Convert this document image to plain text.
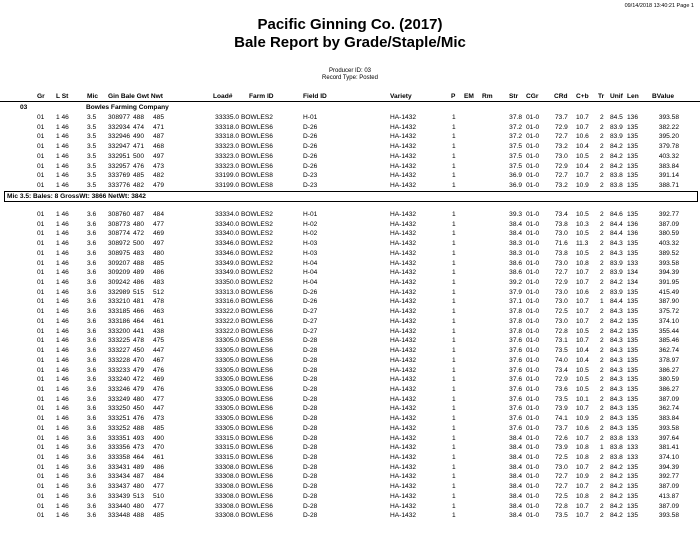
09/14/2018 13:40:21 Page 1
Pacific Ginning Co. (2017)
Bale Report by Grade/Staple/Mic
Producer ID: 03
Record Type: Posted
Gr L St	Mic Gin Bale Gwt Nwt	Load#	Farm ID	Field ID	Variety	P EM Rm Str CGr CRd C+b Tr Unif Len BValue
03	Bowles Farming Company
01 1 46	3.5 308977 488 485	33335.0 BOWLES2	H-01	HA-1432	1	37.8 01-0 73.7 10.7 2 84.5 136	393.58
01 1 46	3.5 332934 474 471	33318.0 BOWLES6	D-26	HA-1432	1	37.2 01-0 72.9 10.7 2 83.9 135	382.22
01 1 46	3.5 332946 490 487	33318.0 BOWLES6	D-26	HA-1432	1	37.2 01-0 72.7 10.6 2 83.9 135	395.20
01 1 46	3.5 332947 471 468	33323.0 BOWLES6	D-26	HA-1432	1	37.5 01-0 73.2 10.4 2 84.2 135	379.78
01 1 46	3.5 332951 500 497	33323.0 BOWLES6	D-26	HA-1432	1	37.5 01-0 73.0 10.5 2 84.2 135	403.32
01 1 46	3.5 332957 476 473	33323.0 BOWLES6	D-26	HA-1432	1	37.5 01-0 72.9 10.4 2 84.2 135	383.84
01 1 46	3.5 333769 485 482	33199.0 BOWLES8	D-23	HA-1432	1	36.9 01-0 72.7 10.7 2 83.8 135	391.14
01 1 46	3.5 333776 482 479	33199.0 BOWLES8	D-23	HA-1432	1	36.9 01-0 73.2 10.9 2 83.8 135	388.71
Mic 3.5: Bales: 8 GrossWt: 3866 NetWt: 3842
01 1 46	3.6 308760 487 484	33334.0 BOWLES2	H-01	HA-1432	1	39.3 01-0 73.4 10.5 2 84.6 135	392.77
01 1 46	3.6 308773 480 477	33340.0 BOWLES2	H-02	HA-1432	1	38.4 01-0 73.8 10.3 2 84.4 136	387.09
01 1 46	3.6 308774 472 469	33340.0 BOWLES2	H-02	HA-1432	1	38.4 01-0 73.0 10.5 2 84.4 136	380.59
01 1 46	3.6 308972 500 497	33346.0 BOWLES2	H-03	HA-1432	1	38.3 01-0 71.6 11.3 2 84.3 135	403.32
01 1 46	3.6 308975 483 480	33346.0 BOWLES2	H-03	HA-1432	1	38.3 01-0 73.8 10.5 2 84.3 135	389.52
01 1 46	3.6 309207 488 485	33349.0 BOWLES2	H-04	HA-1432	1	38.6 01-0 73.0 10.8 2 83.9 133	393.58
01 1 46	3.6 309209 489 486	33349.0 BOWLES2	H-04	HA-1432	1	38.6 01-0 72.7 10.7 2 83.9 134	394.39
01 1 46	3.6 309242 486 483	33350.0 BOWLES2	H-04	HA-1432	1	39.2 01-0 72.9 10.7 2 84.2 134	391.95
01 1 46	3.6 332989 515 512	33313.0 BOWLES6	D-26	HA-1432	1	37.9 01-0 73.0 10.6 2 83.9 135	415.49
01 1 46	3.6 333210 481 478	33316.0 BOWLES6	D-26	HA-1432	1	37.1 01-0 73.0 10.7 1 84.4 135	387.90
01 1 46	3.6 333185 466 463	33322.0 BOWLES6	D-27	HA-1432	1	37.8 01-0 72.5 10.7 2 84.3 135	375.72
01 1 46	3.6 333186 464 461	33322.0 BOWLES6	D-27	HA-1432	1	37.8 01-0 73.0 10.7 2 84.2 135	374.10
01 1 46	3.6 333200 441 438	33322.0 BOWLES6	D-27	HA-1432	1	37.8 01-0 72.8 10.5 2 84.2 135	355.44
01 1 46	3.6 333225 478 475	33305.0 BOWLES6	D-28	HA-1432	1	37.6 01-0 73.1 10.7 2 84.3 135	385.46
01 1 46	3.6 333227 450 447	33305.0 BOWLES6	D-28	HA-1432	1	37.6 01-0 73.5 10.4 2 84.3 135	362.74
01 1 46	3.6 333228 470 467	33305.0 BOWLES6	D-28	HA-1432	1	37.6 01-0 74.0 10.4 2 84.3 135	378.97
01 1 46	3.6 333233 479 476	33305.0 BOWLES6	D-28	HA-1432	1	37.6 01-0 73.4 10.5 2 84.3 135	386.27
01 1 46	3.6 333240 472 469	33305.0 BOWLES6	D-28	HA-1432	1	37.6 01-0 72.9 10.5 2 84.3 135	380.59
01 1 46	3.6 333246 479 476	33305.0 BOWLES6	D-28	HA-1432	1	37.6 01-0 73.6 10.5 2 84.3 135	386.27
01 1 46	3.6 333249 480 477	33305.0 BOWLES6	D-28	HA-1432	1	37.6 01-0 73.5 10.1 2 84.3 135	387.09
01 1 46	3.6 333250 450 447	33305.0 BOWLES6	D-28	HA-1432	1	37.6 01-0 73.9 10.7 2 84.3 135	362.74
01 1 46	3.6 333251 476 473	33305.0 BOWLES6	D-28	HA-1432	1	37.6 01-0 74.1 10.9 2 84.3 135	383.84
01 1 46	3.6 333252 488 485	33305.0 BOWLES6	D-28	HA-1432	1	37.6 01-0 73.7 10.6 2 84.3 135	393.58
01 1 46	3.6 333351 493 490	33315.0 BOWLES6	D-28	HA-1432	1	38.4 01-0 72.6 10.7 2 83.8 133	397.64
01 1 46	3.6 333356 473 470	33315.0 BOWLES6	D-28	HA-1432	1	38.4 01-0 73.9 10.8 1 83.8 133	381.41
01 1 46	3.6 333358 464 461	33315.0 BOWLES6	D-28	HA-1432	1	38.4 01-0 72.5 10.8 2 83.8 133	374.10
01 1 46	3.6 333431 489 486	33308.0 BOWLES6	D-28	HA-1432	1	38.4 01-0 73.0 10.7 2 84.2 135	394.39
01 1 46	3.6 333434 487 484	33308.0 BOWLES6	D-28	HA-1432	1	38.4 01-0 72.7 10.9 2 84.2 135	392.77
01 1 46	3.6 333437 480 477	33308.0 BOWLES6	D-28	HA-1432	1	38.4 01-0 72.7 10.7 2 84.2 135	387.09
01 1 46	3.6 333439 513 510	33308.0 BOWLES6	D-28	HA-1432	1	38.4 01-0 72.5 10.8 2 84.2 135	413.87
01 1 46	3.6 333440 480 477	33308.0 BOWLES6	D-28	HA-1432	1	38.4 01-0 72.8 10.7 2 84.2 135	387.09
01 1 46	3.6 333448 488 485	33308.0 BOWLES6	D-28	HA-1432	1	38.4 01-0 73.5 10.7 2 84.2 135	393.58
